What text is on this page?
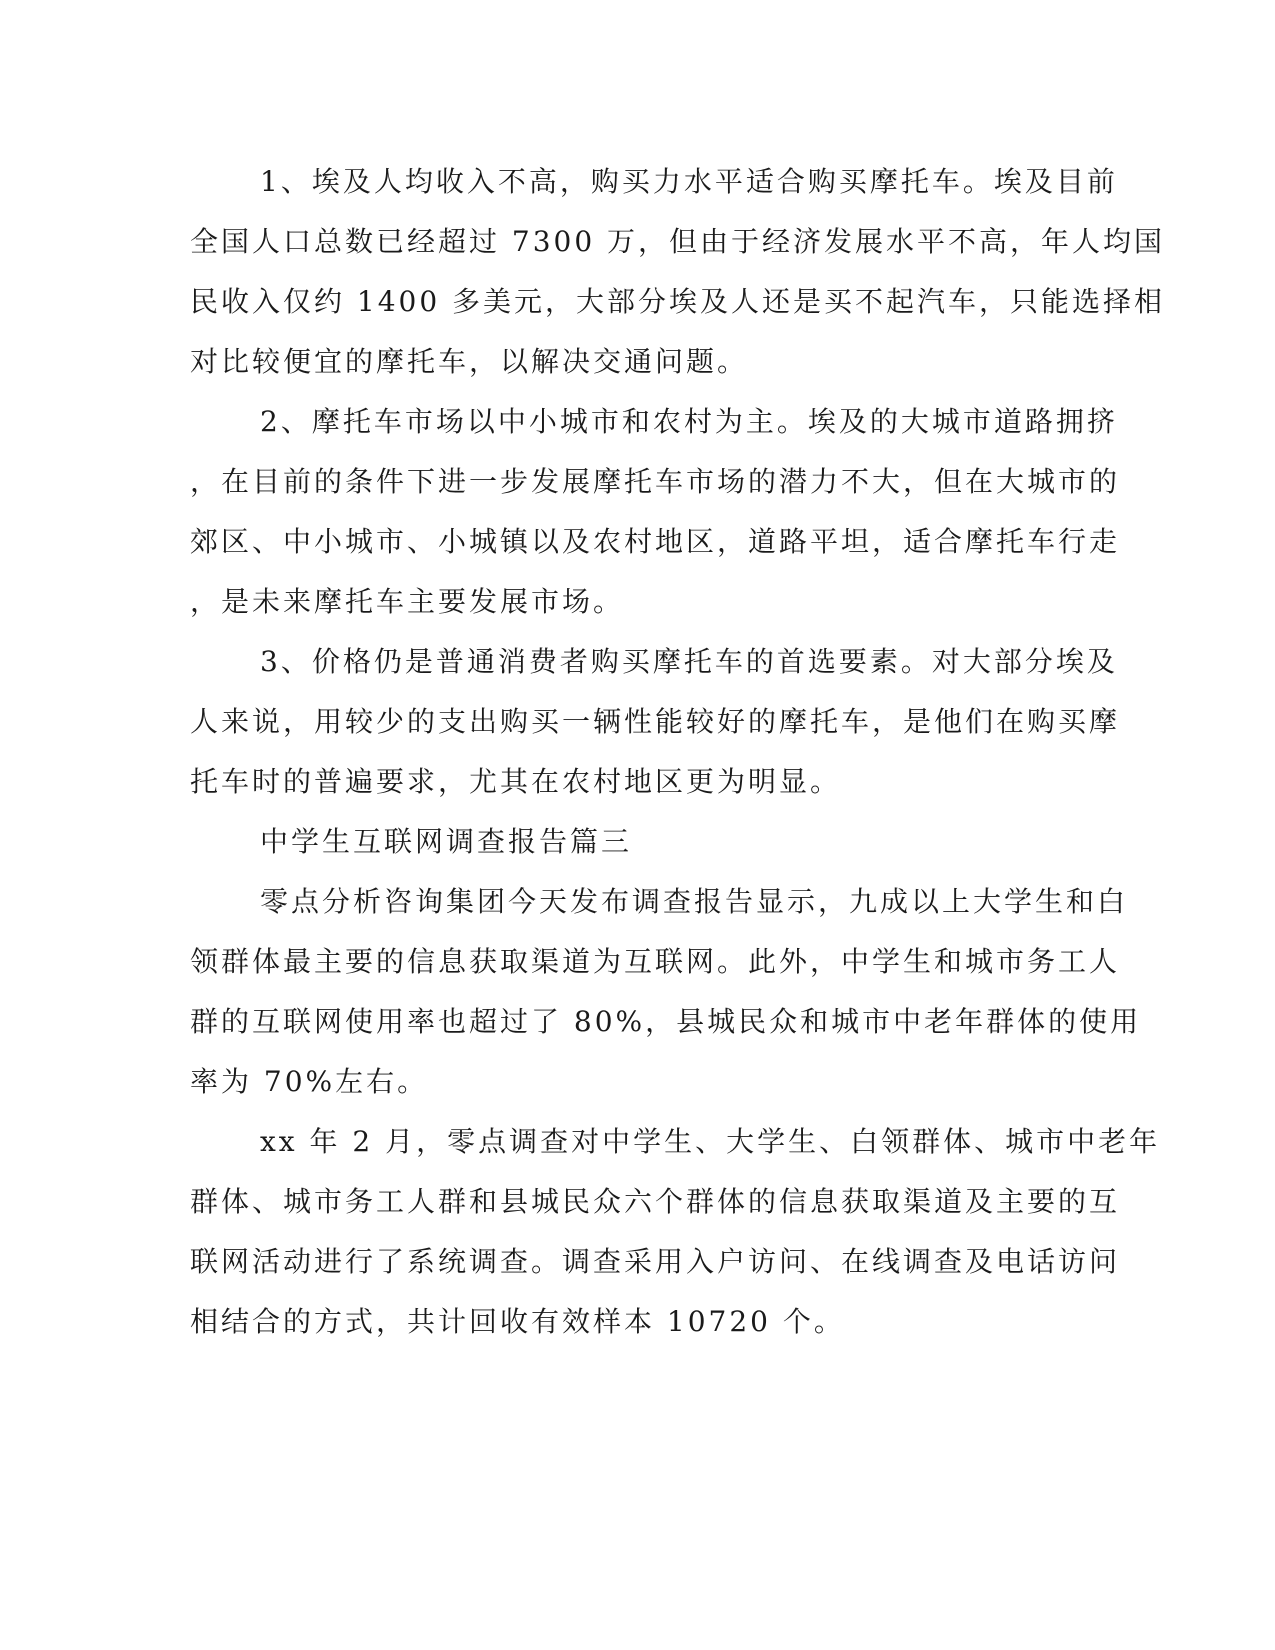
1、埃及人均收入不高，购买力水平适合购买摩托车。埃及目前
全国人口总数已经超过 7300 万，但由于经济发展水平不高，年人均国
民收入仅约 1400 多美元，大部分埃及人还是买不起汽车，只能选择相
对比较便宜的摩托车，以解决交通问题。
2、摩托车市场以中小城市和农村为主。埃及的大城市道路拥挤
，在目前的条件下进一步发展摩托车市场的潜力不大，但在大城市的
郊区、中小城市、小城镇以及农村地区，道路平坦，适合摩托车行走
，是未来摩托车主要发展市场。
3、价格仍是普通消费者购买摩托车的首选要素。对大部分埃及
人来说，用较少的支出购买一辆性能较好的摩托车，是他们在购买摩
托车时的普遍要求，尤其在农村地区更为明显。
中学生互联网调查报告篇三
零点分析咨询集团今天发布调查报告显示，九成以上大学生和白
领群体最主要的信息获取渠道为互联网。此外，中学生和城市务工人
群的互联网使用率也超过了 80%，县城民众和城市中老年群体的使用
率为 70%左右。
xx 年 2 月，零点调查对中学生、大学生、白领群体、城市中老年
群体、城市务工人群和县城民众六个群体的信息获取渠道及主要的互
联网活动进行了系统调查。调查采用入户访问、在线调查及电话访问
相结合的方式，共计回收有效样本 10720 个。
